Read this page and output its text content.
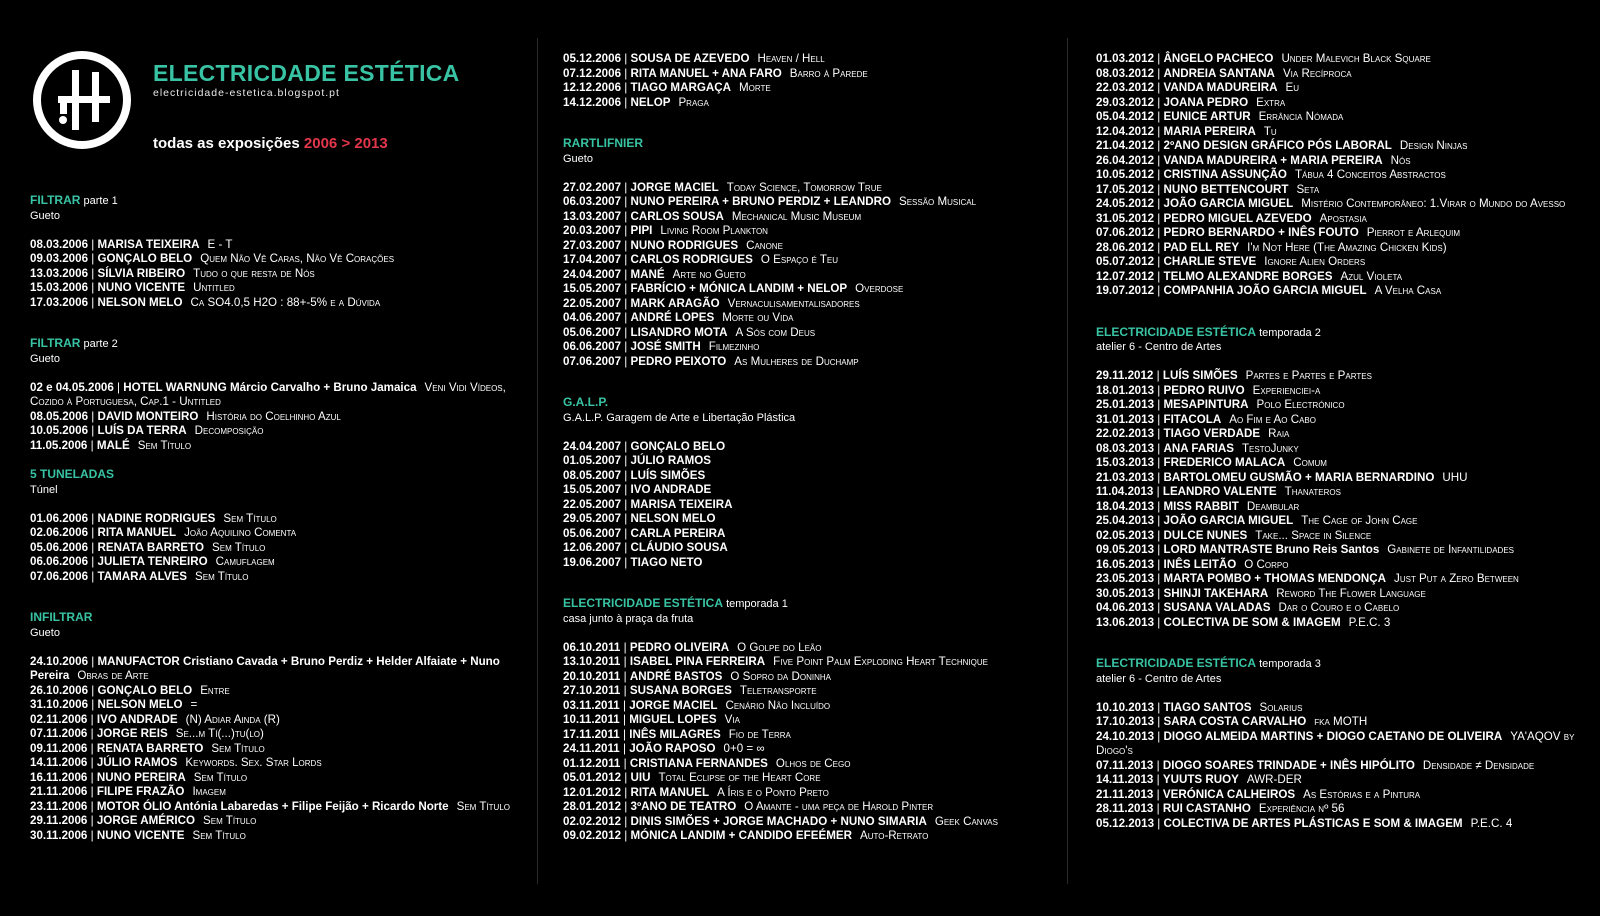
ELECTRICDADE ESTÉTICA
electricidade-estetica.blogspot.pt
todas as exposições 2006 > 2013
FILTRAR parte 1
Gueto
08.03.2006 | MARISA TEIXEIRA E - T
09.03.2006 | GONÇALO BELO Quem Não Vê Caras, Não Vê Corações
13.03.2006 | SÍLVIA RIBEIRO Tudo o que resta de Nós
15.03.2006 | NUNO VICENTE Untitled
17.03.2006 | NELSON MELO Ca SO4.0,5 H2O : 88+-5% e a Dúvida
FILTRAR parte 2
Gueto
02 e 04.05.2006 | HOTEL WARNUNG Márcio Carvalho + Bruno Jamaica Veni Vidi Vídeos, Cozido à Portuguesa, Cap.1 - Untitled
08.05.2006 | DAVID MONTEIRO História do Coelhinho Azul
10.05.2006 | LUÍS DA TERRA Decomposição
11.05.2006 | MALÉ Sem Título
5 TUNELADAS
Túnel
01.06.2006 | NADINE RODRIGUES Sem Título
02.06.2006 | RITA MANUEL João Aquilino Comenta
05.06.2006 | RENATA BARRETO Sem Título
06.06.2006 | JULIETA TENREIRO Camuflagem
07.06.2006 | TAMARA ALVES Sem Título
INFILTRAR
Gueto
24.10.2006 | MANUFACTOR Cristiano Cavada + Bruno Perdiz + Helder Alfaiate + Nuno Pereira Obras de Arte
26.10.2006 | GONÇALO BELO Entre
31.10.2006 | NELSON MELO =
02.11.2006 | IVO ANDRADE (N) Adiar Ainda (R)
07.11.2006 | JORGE REIS Se...m Tí(...)tu(lo)
09.11.2006 | RENATA BARRETO Sem Título
14.11.2006 | JÚLIO RAMOS Keywords. Sex. Star Lords
16.11.2006 | NUNO PEREIRA Sem Título
21.11.2006 | FILIPE FRAZÃO Imagem
23.11.2006 | MOTOR ÓLIO Antónia Labaredas + Filipe Feijão + Ricardo Norte Sem Título
29.11.2006 | JORGE AMÉRICO Sem Título
30.11.2006 | NUNO VICENTE Sem Título
05.12.2006 | SOUSA DE AZEVEDO Heaven / Hell
07.12.2006 | RITA MANUEL + ANA FARO Barro à Parede
12.12.2006 | TIAGO MARGAÇA Morte
14.12.2006 | NELOP Praga
RARTLIFNIER
Gueto
27.02.2007 | JORGE MACIEL Today Science, Tomorrow True
06.03.2007 | NUNO PEREIRA + BRUNO PERDIZ + LEANDRO Sessão Musical
13.03.2007 | CARLOS SOUSA Mechanical Music Museum
20.03.2007 | PIPI Living Room Plankton
27.03.2007 | NUNO RODRIGUES Canone
17.04.2007 | CARLOS RODRIGUES O Espaço é Teu
24.04.2007 | MANÉ Arte no Gueto
15.05.2007 | FABRÍCIO + MÓNICA LANDIM + NELOP Overdose
22.05.2007 | MARK ARAGÃO Vernaculisamentalisadores
04.06.2007 | ANDRÉ LOPES Morte ou Vida
05.06.2007 | LISANDRO MOTA A Sós com Deus
06.06.2007 | JOSÉ SMITH Filmezinho
07.06.2007 | PEDRO PEIXOTO As Mulheres de Duchamp
G.A.L.P.
G.A.L.P. Garagem de Arte e Libertação Plástica
24.04.2007 | GONÇALO BELO
01.05.2007 | JÚLIO RAMOS
08.05.2007 | LUÍS SIMÕES
15.05.2007 | IVO ANDRADE
22.05.2007 | MARISA TEIXEIRA
29.05.2007 | NELSON MELO
05.06.2007 | CARLA PEREIRA
12.06.2007 | CLÁUDIO SOUSA
19.06.2007 | TIAGO NETO
ELECTRICIDADE ESTÉTICA temporada 1
casa junto à praça da fruta
06.10.2011 | PEDRO OLIVEIRA O Golpe do Leão
13.10.2011 | ISABEL PINA FERREIRA Five Point Palm Exploding Heart Technique
20.10.2011 | ANDRÉ BASTOS O Sopro da Doninha
27.10.2011 | SUSANA BORGES Teletransporte
03.11.2011 | JORGE MACIEL Cenário Não Incluído
10.11.2011 | MIGUEL LOPES Via
17.11.2011 | INÊS MILAGRES Fio de Terra
24.11.2011 | JOÃO RAPOSO 0+0 = ∞
01.12.2011 | CRISTIANA FERNANDES Olhos de Cego
05.01.2012 | UIU Total Eclipse of the Heart Core
12.01.2012 | RITA MANUEL A Íris e o Ponto Preto
28.01.2012 | 3ºANO DE TEATRO O Amante - uma peça de Harold Pinter
02.02.2012 | DINIS SIMÕES + JORGE MACHADO + NUNO SIMARIA Geek Canvas
09.02.2012 | MÓNICA LANDIM + CANDIDO EFEÉMER Auto-Retrato
01.03.2012 | ÂNGELO PACHECO Under Malevich Black Square
08.03.2012 | ANDREIA SANTANA Via Recíproca
22.03.2012 | VANDA MADUREIRA Eu
29.03.2012 | JOANA PEDRO Extra
05.04.2012 | EUNICE ARTUR Errância Nómada
12.04.2012 | MARIA PEREIRA Tu
21.04.2012 | 2ºANO DESIGN GRÁFICO PÓS LABORAL Design Ninjas
26.04.2012 | VANDA MADUREIRA + MARIA PEREIRA Nós
10.05.2012 | CRISTINA ASSUNÇÃO Tábua 4 Conceitos Abstractos
17.05.2012 | NUNO BETTENCOURT Seta
24.05.2012 | JOÃO GARCIA MIGUEL Mistério Contemporâneo: 1.Virar o Mundo do Avesso
31.05.2012 | PEDRO MIGUEL AZEVEDO Apostasia
07.06.2012 | PEDRO BERNARDO + INÊS FOUTO Pierrot e Arlequim
28.06.2012 | PAD ELL REY I'm Not Here (The Amazing Chicken Kids)
05.07.2012 | CHARLIE STEVE Ignore Alien Orders
12.07.2012 | TELMO ALEXANDRE BORGES Azul Violeta
19.07.2012 | COMPANHIA JOÃO GARCIA MIGUEL A Velha Casa
ELECTRICIDADE ESTÉTICA temporada 2
atelier 6 - Centro de Artes
29.11.2012 | LUÍS SIMÕES Partes e Partes e Partes
18.01.2013 | PEDRO RUIVO Experienciei-a
25.01.2013 | MESAPINTURA Polo Electrónico
31.01.2013 | FITACOLA Ao Fim e Ao Cabo
22.02.2013 | TIAGO VERDADE Raia
08.03.2013 | ANA FARIAS TestoJunky
15.03.2013 | FREDERICO MALACA Comum
21.03.2013 | BARTOLOMEU GUSMÃO + MARIA BERNARDINO UHU
11.04.2013 | LEANDRO VALENTE Thanateros
18.04.2013 | MISS RABBIT Deambular
25.04.2013 | JOÃO GARCIA MIGUEL The Cage of John Cage
02.05.2013 | DULCE NUNES Take... Space in Silence
09.05.2013 | LORD MANTRASTE Bruno Reis Santos Gabinete de Infantilidades
16.05.2013 | INÊS LEITÃO O Corpo
23.05.2013 | MARTA POMBO + THOMAS MENDONÇA Just Put a Zero Between
30.05.2013 | SHINJI TAKEHARA Reword The Flower Language
04.06.2013 | SUSANA VALADAS Dar o Couro e o Cabelo
13.06.2013 | COLECTIVA DE SOM & IMAGEM P.E.C. 3
ELECTRICIDADE ESTÉTICA temporada 3
atelier 6 - Centro de Artes
10.10.2013 | TIAGO SANTOS Solarius
17.10.2013 | SARA COSTA CARVALHO fka MOTH
24.10.2013 | DIOGO ALMEIDA MARTINS + DIOGO CAETANO DE OLIVEIRA YA'AQOV by Diogo's
07.11.2013 | DIOGO SOARES TRINDADE + INÊS HIPÓLITO Densidade ≠ Densidade
14.11.2013 | YUUTS RUOY AWR-DER
21.11.2013 | VERÓNICA CALHEIROS As Estórias e a Pintura
28.11.2013 | RUI CASTANHO Experiência nº 56
05.12.2013 | COLECTIVA DE ARTES PLÁSTICAS E SOM & IMAGEM P.E.C. 4
